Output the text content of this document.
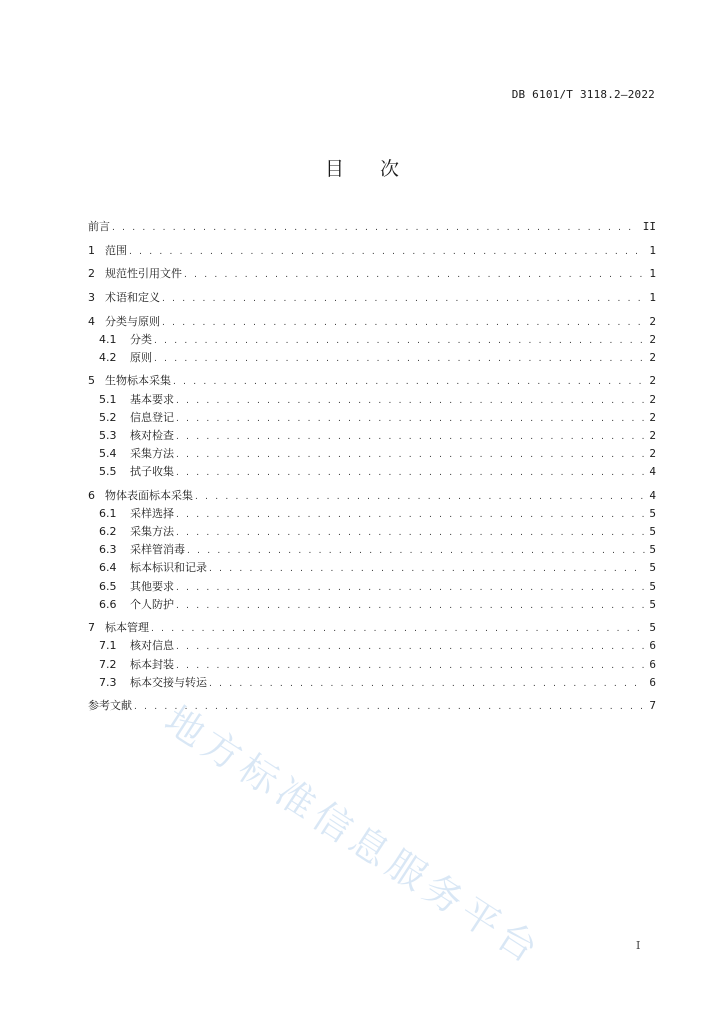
DB 6101/T 3118.2—2022
目次
前言 . . .	II
1 范围 . . .	1
2 规范性引用文件 . . .	1
3 术语和定义 . . .	1
4 分类与原则 . . .	2
4.1	分类 . . .	2
4.2	原则 . . .	2
5 生物标本采集 . . .	2
5.1	基本要求 . . .	2
5.2	信息登记 . . .	2
5.3	核对检查 . . .	2
5.4	采集方法 . . .	2
5.5	拭子收集 . . .	4
6 物体表面标本采集 . . .	4
6.1	采样选择 . . .	5
6.2	采集方法 . . .	5
6.3	采样管消毒 . . .	5
6.4	标本标识和记录 . . .	5
6.5	其他要求 . . .	5
6.6	个人防护 . . .	5
7 标本管理 . . .	5
7.1	核对信息 . . .	6
7.2	标本封装 . . .	6
7.3	标本交接与转运 . . .	6
参考文献 . . .	7
地方标准信息服务平台	I
